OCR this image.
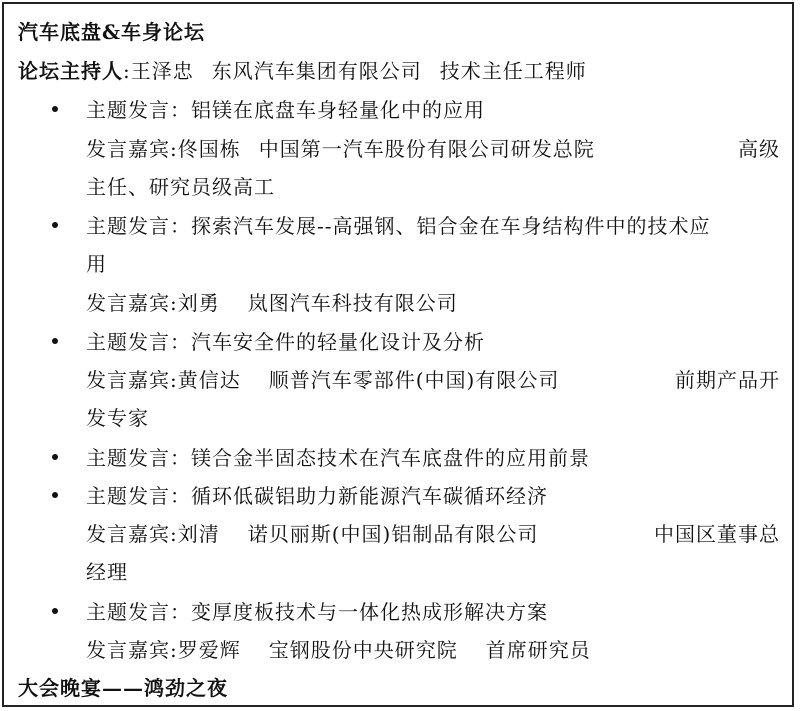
汽车底盘&车身论坛
论坛主持人:王泽忠 东风汽车集团有限公司 技术主任工程师
主题发言：铝镁在底盘车身轻量化中的应用
发言嘉宾:佟国栋 中国第一汽车股份有限公司研发总院	高级
主任、研究员级高工
主题发言：探索汽车发展--高强钢、铝合金在车身结构件中的技术应
用
发言嘉宾:刘勇 岚图汽车科技有限公司
主题发言：汽车安全件的轻量化设计及分析
发言嘉宾:黄信达 顺普汽车零部件(中国)有限公司	前期产品开
发专家
主题发言：镁合金半固态技术在汽车底盘件的应用前景
主题发言：循环低碳铝助力新能源汽车碳循环经济
发言嘉宾:刘清 诺贝丽斯(中国)铝制品有限公司	中国区董事总
经理
主题发言：变厚度板技术与一体化热成形解决方案
发言嘉宾:罗爱辉 宝钢股份中央研究院 首席研究员
大会晚宴——鸿劲之夜
